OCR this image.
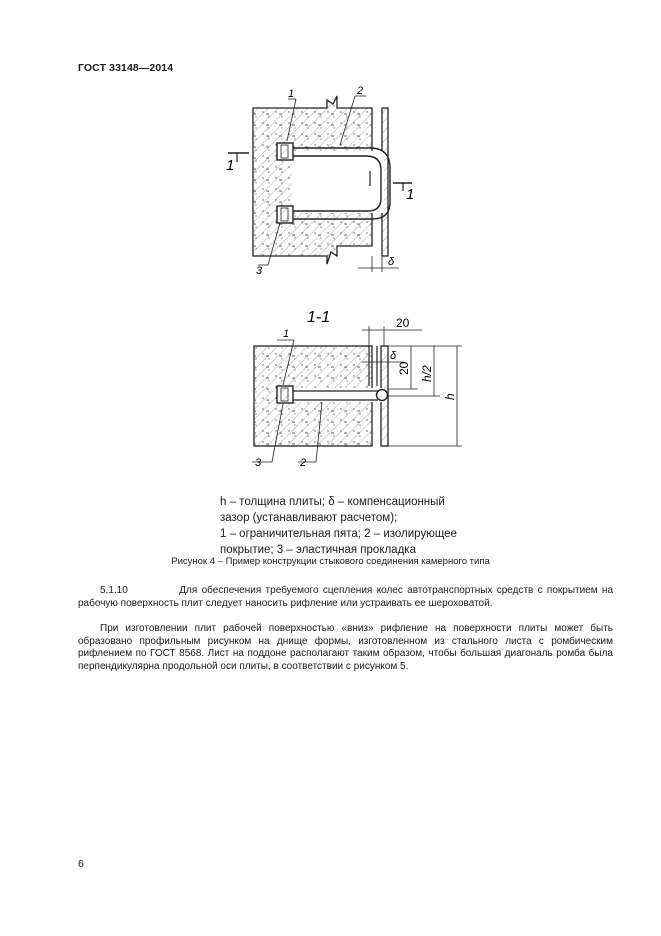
ГОСТ 33148—2014
1	2
3
1
1
δ
1-1
1
3	2
20
δ
20 h/2
h
h – толщина плиты; δ – компенсационный
зазор (устанавливают расчетом);
1 – ограничительная пята; 2 – изолирующее
покрытие; 3 – эластичная прокладка
Рисунок 4 – Пример конструкции стыкового соединения камерного типа
5.1.10	Для обеспечения требуемого сцепления колес автотранспортных средств с покрытием на рабочую поверхность плит следует наносить рифление или устраивать ее шероховатой.
При изготовлении плит рабочей поверхностью «вниз» рифление на поверхности плиты может быть образовано профильным рисунком на днище формы, изготовленном из стального листа с ромбическим рифлением по ГОСТ 8568. Лист на поддоне располагают таким образом, чтобы большая диагональ ромба была перпендикулярна продольной оси плиты, в соответствии с рисунком 5.
6
